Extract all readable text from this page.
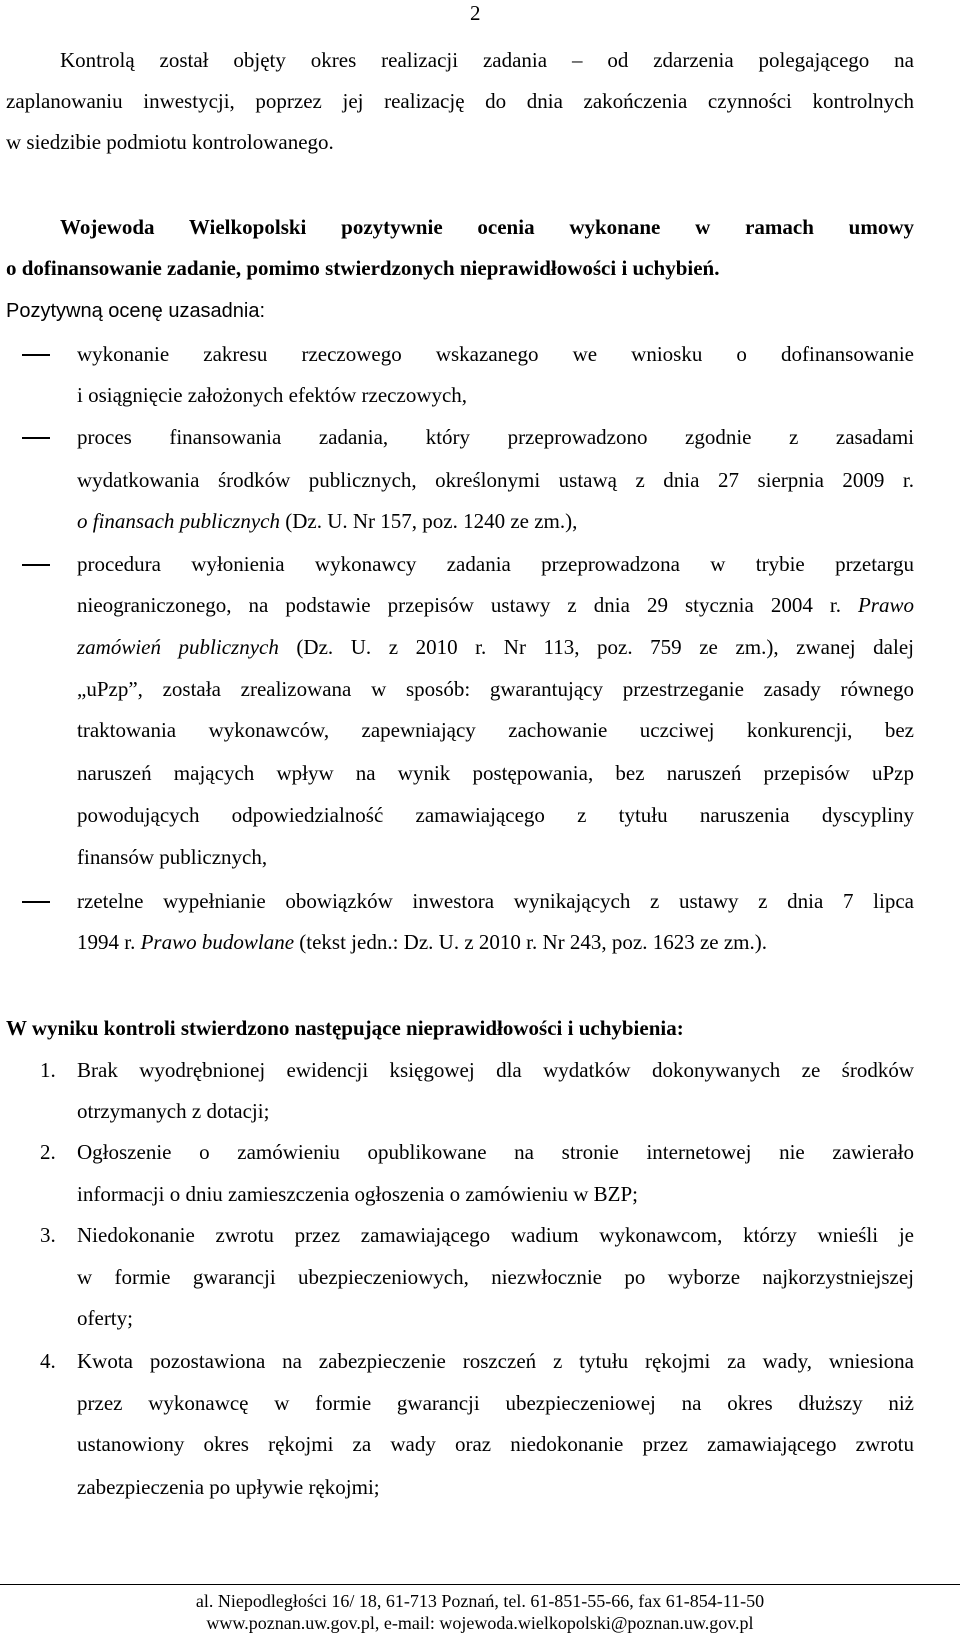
2
Kontrolą został objęty okres realizacji zadania – od zdarzenia polegającego na
zaplanowaniu inwestycji, poprzez jej realizację do dnia zakończenia czynności kontrolnych
w siedzibie podmiotu kontrolowanego.
Wojewoda Wielkopolski pozytywnie ocenia wykonane w ramach umowy
o dofinansowanie zadanie, pomimo stwierdzonych nieprawidłowości i uchybień.
Pozytywną ocenę uzasadnia:
wykonanie zakresu rzeczowego wskazanego we wniosku o dofinansowanie
i osiągnięcie założonych efektów rzeczowych,
proces finansowania zadania, który przeprowadzono zgodnie z zasadami
wydatkowania środków publicznych, określonymi ustawą z dnia 27 sierpnia 2009 r.
o finansach publicznych (Dz. U. Nr 157, poz. 1240 ze zm.),
procedura wyłonienia wykonawcy zadania przeprowadzona w trybie przetargu
nieograniczonego, na podstawie przepisów ustawy z dnia 29 stycznia 2004 r. Prawo
zamówień publicznych (Dz. U. z 2010 r. Nr 113, poz. 759 ze zm.), zwanej dalej
„uPzp”, została zrealizowana w sposób: gwarantujący przestrzeganie zasady równego
traktowania wykonawców, zapewniający zachowanie uczciwej konkurencji, bez
naruszeń mających wpływ na wynik postępowania, bez naruszeń przepisów uPzp
powodujących odpowiedzialność zamawiającego z tytułu naruszenia dyscypliny
finansów publicznych,
rzetelne wypełnianie obowiązków inwestora wynikających z ustawy z dnia 7 lipca
1994 r. Prawo budowlane (tekst jedn.: Dz. U. z 2010 r. Nr 243, poz. 1623 ze zm.).
W wyniku kontroli stwierdzono następujące nieprawidłowości i uchybienia:
1.	Brak wyodrębnionej ewidencji księgowej dla wydatków dokonywanych ze środków
otrzymanych z dotacji;
2.	Ogłoszenie o zamówieniu opublikowane na stronie internetowej nie zawierało
informacji o dniu zamieszczenia ogłoszenia o zamówieniu w BZP;
3.	Niedokonanie zwrotu przez zamawiającego wadium wykonawcom, którzy wnieśli je
w formie gwarancji ubezpieczeniowych, niezwłocznie po wyborze najkorzystniejszej
oferty;
4.	Kwota pozostawiona na zabezpieczenie roszczeń z tytułu rękojmi za wady, wniesiona
przez wykonawcę w formie gwarancji ubezpieczeniowej na okres dłuższy niż
ustanowiony okres rękojmi za wady oraz niedokonanie przez zamawiającego zwrotu
zabezpieczenia po upływie rękojmi;
al. Niepodległości 16/ 18, 61-713 Poznań, tel. 61-851-55-66, fax 61-854-11-50
www.poznan.uw.gov.pl, e-mail: wojewoda.wielkopolski@poznan.uw.gov.pl
